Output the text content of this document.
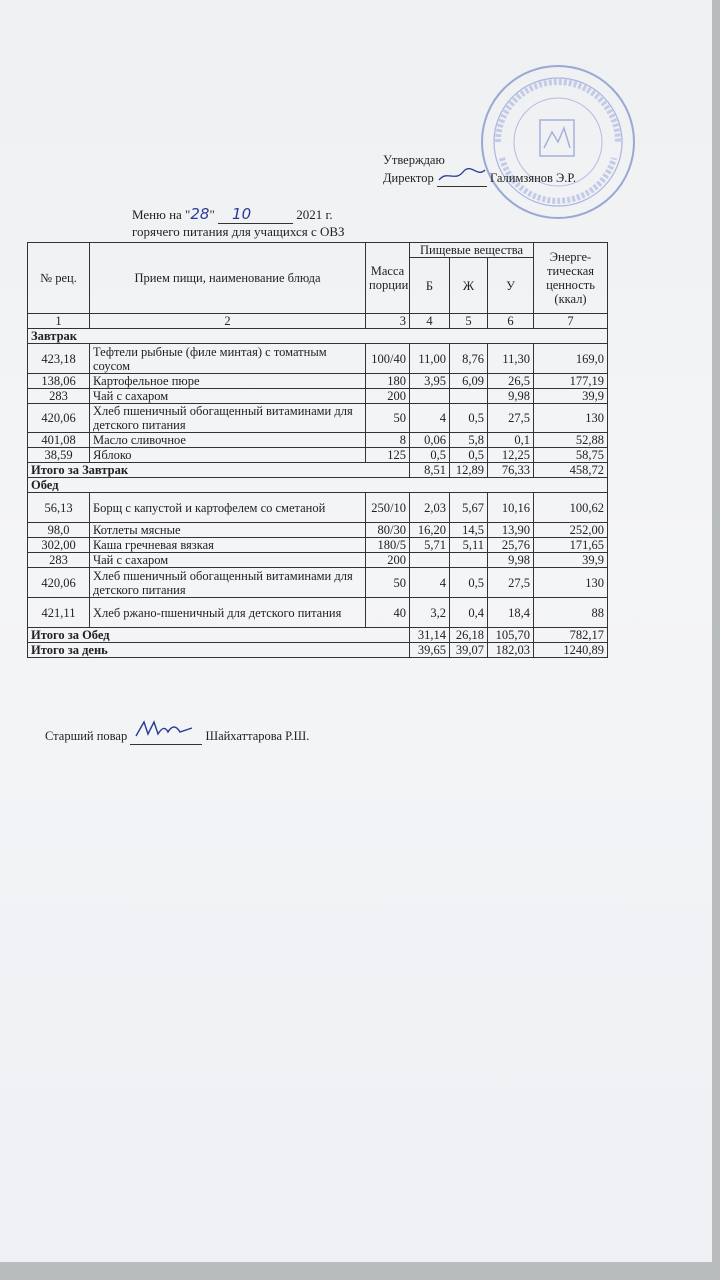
Утверждаю
Директор	Галимзянов Э.Р.
Меню на "28" 10	2021 г.
горячего питания для учащихся с ОВЗ
№ рец.	Прием пищи, наименование блюда	Масса порции	Пищевые вещества			Энерге-тическая ценность (ккал)
			Б	Ж	У	
1	2	3	4	5	6	7
Завтрак						
423,18	Тефтели рыбные (филе минтая) с томатным соусом	100/40	11,00	8,76	11,30	169,0
138,06	Картофельное пюре	180	3,95	6,09	26,5	177,19
283	Чай с сахаром	200			9,98	39,9
420,06	Хлеб пшеничный обогащенный витаминами для детского питания	50	4	0,5	27,5	130
401,08	Масло сливочное	8	0,06	5,8	0,1	52,88
38,59	Яблоко	125	0,5	0,5	12,25	58,75
Итого за Завтрак			8,51	12,89	76,33	458,72
Обед						
56,13	Борщ с капустой и картофелем со сметаной	250/10	2,03	5,67	10,16	100,62
98,0	Котлеты мясные	80/30	16,20	14,5	13,90	252,00
302,00	Каша гречневая вязкая	180/5	5,71	5,11	25,76	171,65
283	Чай с сахаром	200			9,98	39,9
420,06	Хлеб пшеничный обогащенный витаминами для детского питания	50	4	0,5	27,5	130
421,11	Хлеб ржано-пшеничный для детского питания	40	3,2	0,4	18,4	88
Итого за Обед			31,14	26,18	105,70	782,17
Итого за день			39,65	39,07	182,03	1240,89
Старший повар	Шайхаттарова Р.Ш.
